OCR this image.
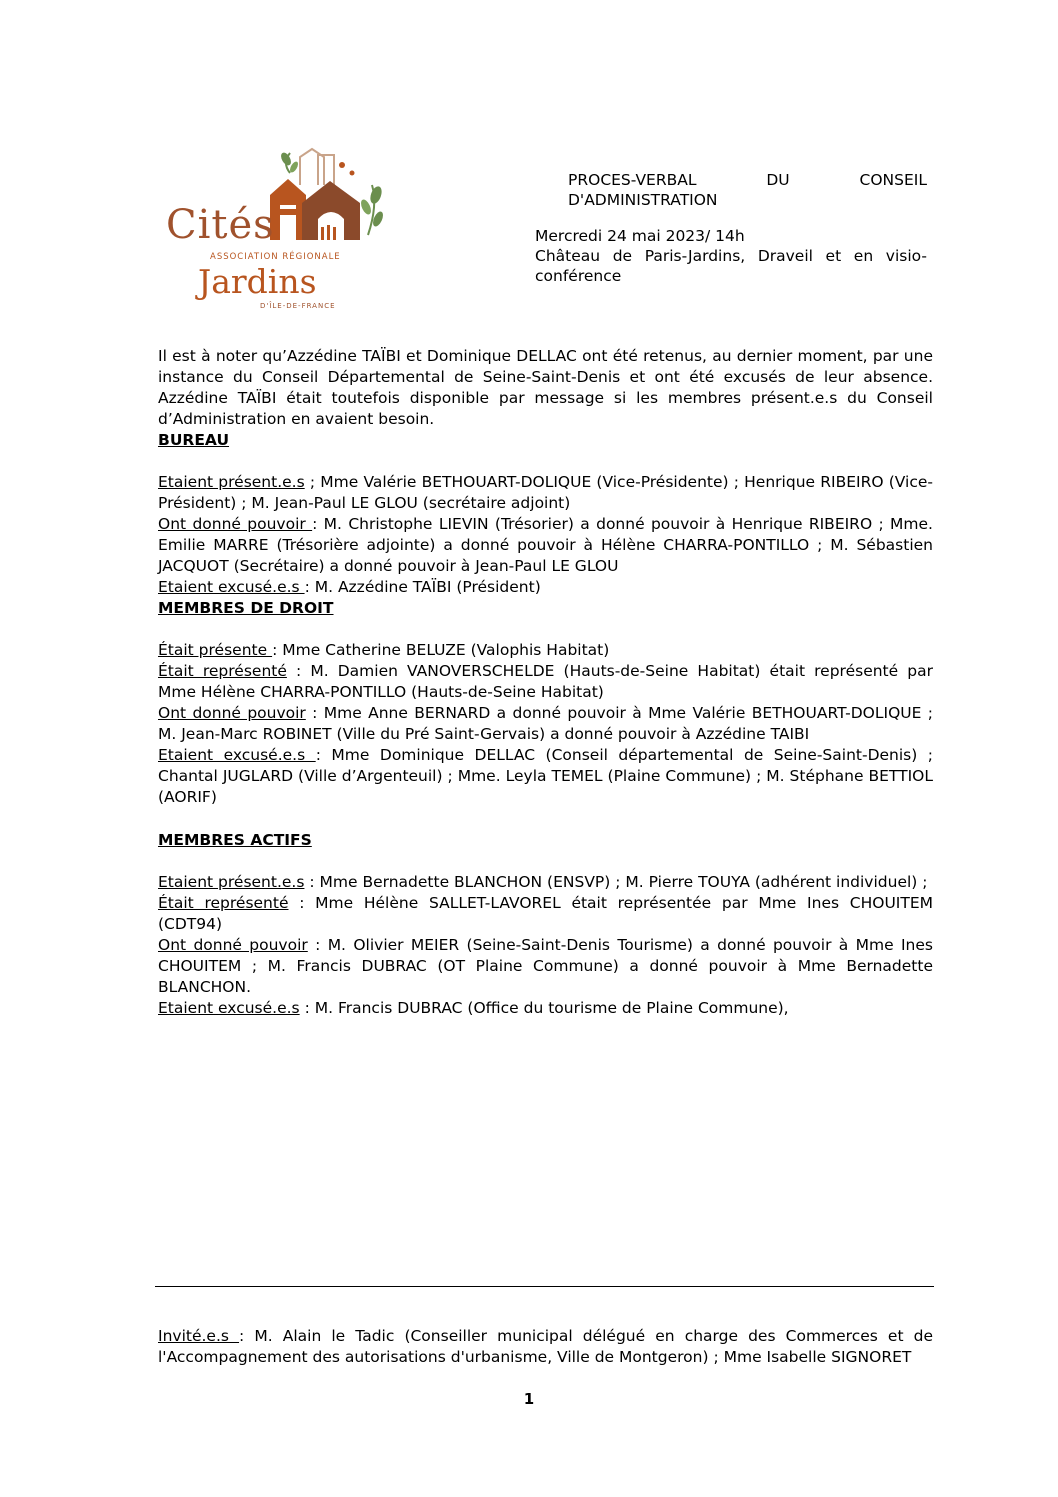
Cités
ASSOCIATION RÉGIONALE
Jardins
D'ÎLE-DE-FRANCE
PROCES-VERBAL	DU	CONSEIL
D'ADMINISTRATION
Mercredi 24 mai 2023/ 14h
Château de Paris-Jardins, Draveil et en visio-conférence

Il est à noter qu’Azzédine TAÏBI et Dominique DELLAC ont été retenus, au dernier moment, par une instance du Conseil Départemental de Seine-Saint-Denis et ont été excusés de leur absence. Azzédine TAÏBI était toutefois disponible par message si les membres présent.e.s du Conseil d’Administration en avaient besoin.

BUREAU

Etaient présent.e.s ; Mme Valérie BETHOUART-DOLIQUE (Vice-Présidente) ; Henrique RIBEIRO (Vice-Président) ; M. Jean-Paul LE GLOU (secrétaire adjoint)

Ont donné pouvoir : M. Christophe LIEVIN (Trésorier) a donné pouvoir à Henrique RIBEIRO ; Mme. Emilie MARRE (Trésorière adjointe) a donné pouvoir à Hélène CHARRA-PONTILLO ; M. Sébastien JACQUOT (Secrétaire) a donné pouvoir à Jean-Paul LE GLOU

Etaient excusé.e.s : M. Azzédine TAÏBI (Président)

MEMBRES DE DROIT

Était présente : Mme Catherine BELUZE (Valophis Habitat)

Était représenté : M. Damien VANOVERSCHELDE (Hauts-de-Seine Habitat) était représenté par Mme Hélène CHARRA-PONTILLO (Hauts-de-Seine Habitat)

Ont donné pouvoir : Mme Anne BERNARD a donné pouvoir à Mme Valérie BETHOUART-DOLIQUE ; M. Jean-Marc ROBINET (Ville du Pré Saint-Gervais) a donné pouvoir à Azzédine TAIBI

Etaient excusé.e.s : Mme Dominique DELLAC (Conseil départemental de Seine-Saint-Denis) ; Chantal JUGLARD (Ville d’Argenteuil) ; Mme. Leyla TEMEL (Plaine Commune) ; M. Stéphane BETTIOL (AORIF)

MEMBRES ACTIFS

Etaient présent.e.s : Mme Bernadette BLANCHON (ENSVP) ; M. Pierre TOUYA (adhérent individuel) ;

Était représenté : Mme Hélène SALLET-LAVOREL était représentée par Mme Ines CHOUITEM (CDT94)

Ont donné pouvoir : M. Olivier MEIER (Seine-Saint-Denis Tourisme) a donné pouvoir à Mme Ines CHOUITEM ; M. Francis DUBRAC (OT Plaine Commune) a donné pouvoir à Mme Bernadette BLANCHON.

Etaient excusé.e.s : M. Francis DUBRAC (Office du tourisme de Plaine Commune),

Invité.e.s : M. Alain le Tadic (Conseiller municipal délégué en charge des Commerces et de l'Accompagnement des autorisations d'urbanisme, Ville de Montgeron) ; Mme Isabelle SIGNORET

1
